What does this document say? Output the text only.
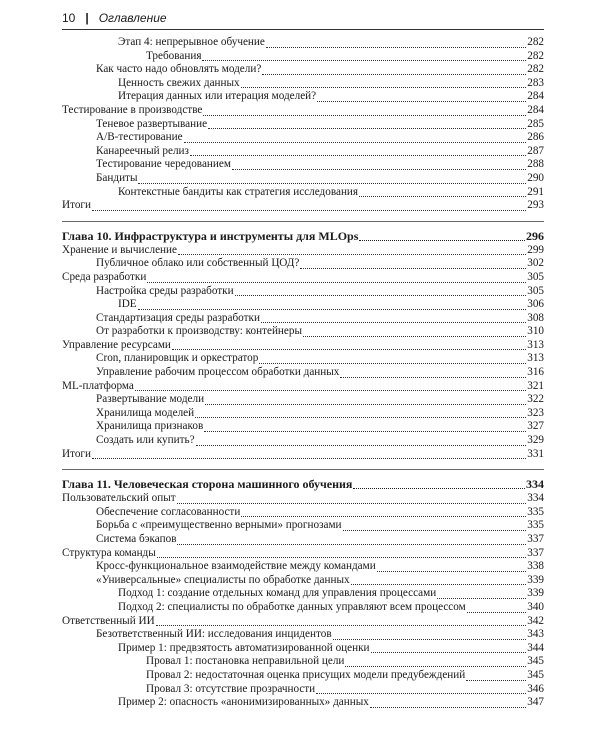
10 | Оглавление
Этап 4: непрерывное обучение	282
Требования	282
Как часто надо обновлять модели?	282
Ценность свежих данных	283
Итерация данных или итерация моделей?	284
Тестирование в производстве	284
Теневое развертывание	285
A/B-тестирование	286
Канареечный релиз	287
Тестирование чередованием	288
Бандиты	290
Контекстные бандиты как стратегия исследования	291
Итоги	293
Глава 10. Инфраструктура и инструменты для MLOps	296
Хранение и вычисление	299
Публичное облако или собственный ЦОД?	302
Среда разработки	305
Настройка среды разработки	305
IDE	306
Стандартизация среды разработки	308
От разработки к производству: контейнеры	310
Управление ресурсами	313
Cron, планировщик и оркестратор	313
Управление рабочим процессом обработки данных	316
ML-платформа	321
Развертывание модели	322
Хранилища моделей	323
Хранилища признаков	327
Создать или купить?	329
Итоги	331
Глава 11. Человеческая сторона машинного обучения	334
Пользовательский опыт	334
Обеспечение согласованности	335
Борьба с «преимущественно верными» прогнозами	335
Система бэкапов	337
Структура команды	337
Кросс-функциональное взаимодействие между командами	338
«Универсальные» специалисты по обработке данных	339
Подход 1: создание отдельных команд для управления процессами	339
Подход 2: специалисты по обработке данных управляют всем процессом	340
Ответственный ИИ	342
Безответственный ИИ: исследования инцидентов	343
Пример 1: предвзятость автоматизированной оценки	344
Провал 1: постановка неправильной цели	345
Провал 2: недостаточная оценка присущих модели предубеждений	345
Провал 3: отсутствие прозрачности	346
Пример 2: опасность «анонимизированных» данных	347
